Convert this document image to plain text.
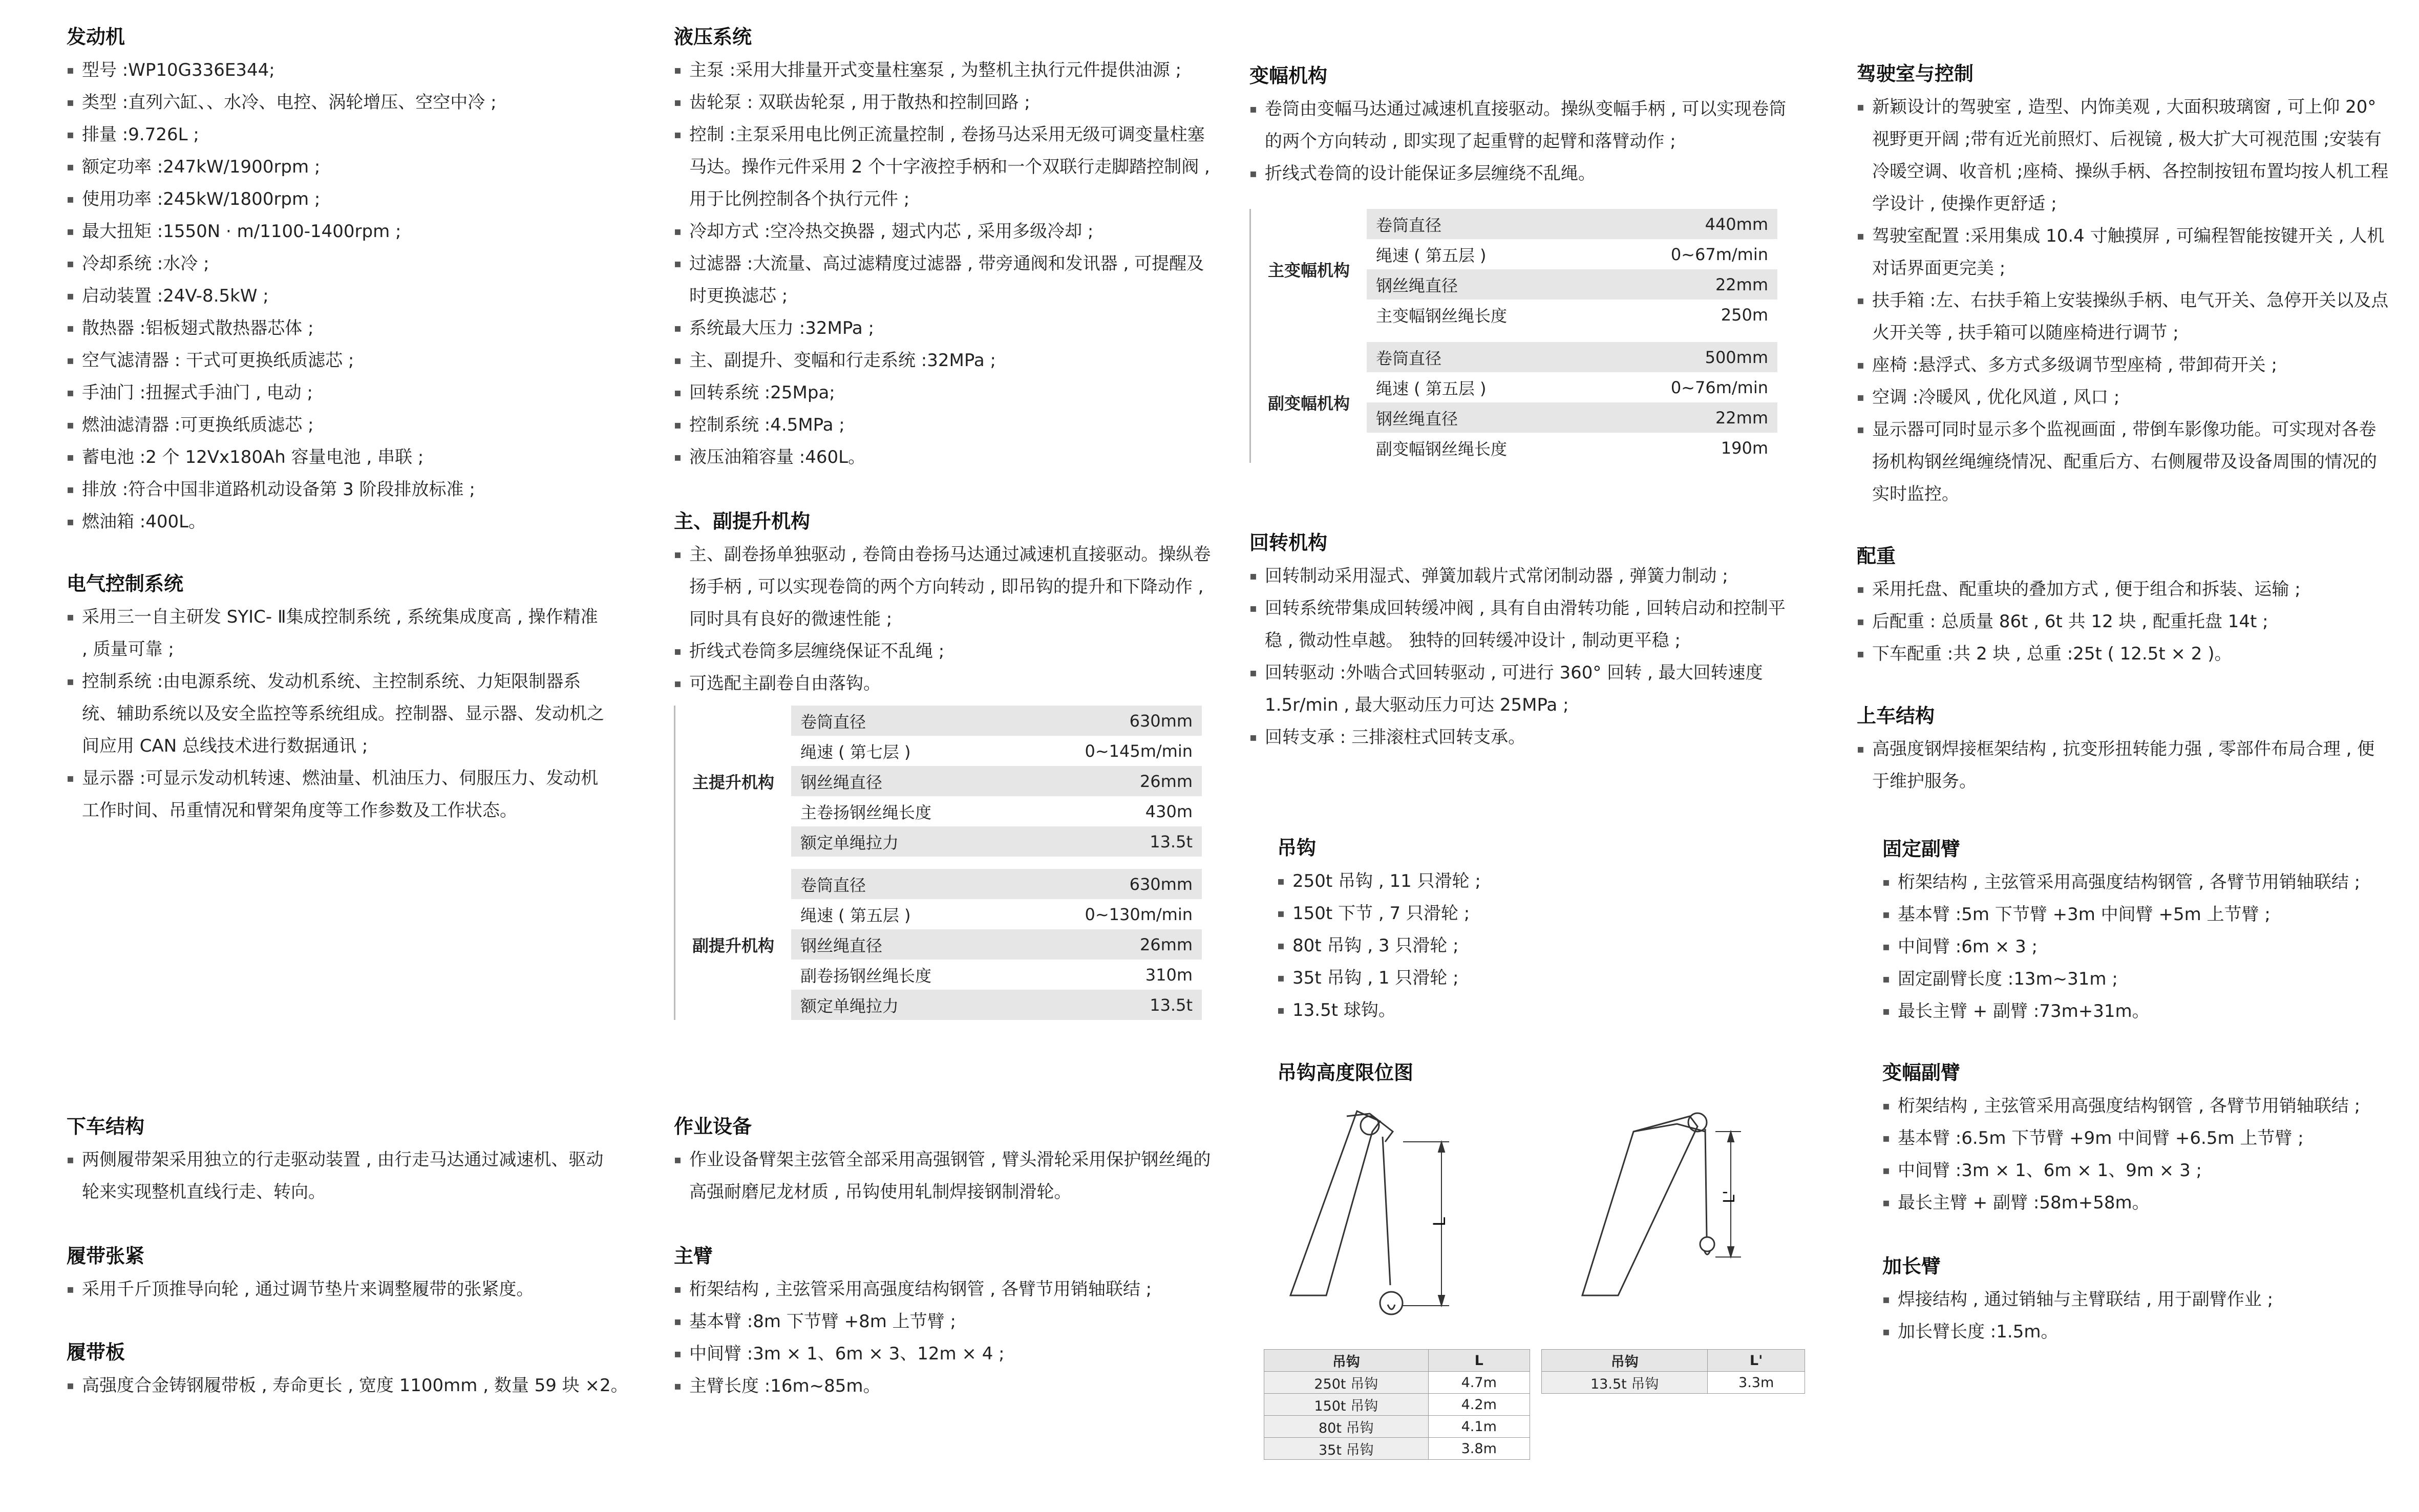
发动机
▪ 型号 :WP10G336E344;
▪ 类型 :直列六缸、、水冷、电控、涡轮增压、空空中冷 ;
▪ 排量 :9.726L ;
▪ 额定功率 :247kW/1900rpm ;
▪ 使用功率 :245kW/1800rpm ;
▪ 最大扭矩 :1550N · m/1100-1400rpm ;
▪ 冷却系统 :水冷 ;
▪ 启动装置 :24V-8.5kW ;
▪ 散热器 :铝板翅式散热器芯体 ;
▪ 空气滤清器 : 干式可更换纸质滤芯 ;
▪ 手油门 :扭握式手油门 , 电动 ;
▪ 燃油滤清器 :可更换纸质滤芯 ;
▪ 蓄电池 :2 个 12Vx180Ah 容量电池 , 串联 ;
▪ 排放 :符合中国非道路机动设备第 3 阶段排放标准 ;
▪ 燃油箱 :400L。
电气控制系统
▪ 采用三一自主研发 SYIC- Ⅱ集成控制系统 , 系统集成度高 , 操作精准 , 质量可靠 ;
▪ 控制系统 :由电源系统、发动机系统、主控制系统、力矩限制器系统、辅助系统以及安全监控等系统组成。控制器、显示器、发动机之间应用 CAN 总线技术进行数据通讯 ;
▪ 显示器 :可显示发动机转速、燃油量、机油压力、伺服压力、发动机工作时间、吊重情况和臂架角度等工作参数及工作状态。
下车结构
▪ 两侧履带架采用独立的行走驱动装置 , 由行走马达通过减速机、驱动轮来实现整机直线行走、转向。
履带张紧
▪ 采用千斤顶推导向轮 , 通过调节垫片来调整履带的张紧度。
履带板
▪ 高强度合金铸钢履带板 , 寿命更长 , 宽度 1100mm , 数量 59 块 ×2。
液压系统
▪ 主泵 :采用大排量开式变量柱塞泵 , 为整机主执行元件提供油源 ;
▪ 齿轮泵 : 双联齿轮泵 , 用于散热和控制回路 ;
▪ 控制 :主泵采用电比例正流量控制 , 卷扬马达采用无级可调变量柱塞马达。操作元件采用 2 个十字液控手柄和一个双联行走脚踏控制阀 , 用于比例控制各个执行元件 ;
▪ 冷却方式 :空冷热交换器 , 翅式内芯 , 采用多级冷却 ;
▪ 过滤器 :大流量、高过滤精度过滤器 , 带旁通阀和发讯器 , 可提醒及时更换滤芯 ;
▪ 系统最大压力 :32MPa ;
▪ 主、副提升、变幅和行走系统 :32MPa ;
▪ 回转系统 :25Mpa;
▪ 控制系统 :4.5MPa ;
▪ 液压油箱容量 :460L。
主、副提升机构
▪ 主、副卷扬单独驱动 , 卷筒由卷扬马达通过减速机直接驱动。操纵卷扬手柄 , 可以实现卷筒的两个方向转动 , 即吊钩的提升和下降动作 , 同时具有良好的微速性能 ;
▪ 折线式卷筒多层缠绕保证不乱绳 ;
▪ 可选配主副卷自由落钩。
主提升机构	卷筒直径	630mm
	绳速 ( 第七层 )	0~145m/min
	钢丝绳直径	26mm
	主卷扬钢丝绳长度	430m
	额定单绳拉力	13.5t
副提升机构	卷筒直径	630mm
	绳速 ( 第五层 )	0~130m/min
	钢丝绳直径	26mm
	副卷扬钢丝绳长度	310m
	额定单绳拉力	13.5t
作业设备
▪ 作业设备臂架主弦管全部采用高强钢管 , 臂头滑轮采用保护钢丝绳的高强耐磨尼龙材质 , 吊钩使用轧制焊接钢制滑轮。
主臂
▪ 桁架结构 , 主弦管采用高强度结构钢管 , 各臂节用销轴联结 ;
▪ 基本臂 :8m 下节臂 +8m 上节臂 ;
▪ 中间臂 :3m × 1、6m × 3、12m × 4 ;
▪ 主臂长度 :16m~85m。
变幅机构
▪ 卷筒由变幅马达通过减速机直接驱动。操纵变幅手柄 , 可以实现卷筒的两个方向转动 , 即实现了起重臂的起臂和落臂动作 ;
▪ 折线式卷筒的设计能保证多层缠绕不乱绳。
主变幅机构	卷筒直径	440mm
	绳速 ( 第五层 )	0~67m/min
	钢丝绳直径	22mm
	主变幅钢丝绳长度	250m
副变幅机构	卷筒直径	500mm
	绳速 ( 第五层 )	0~76m/min
	钢丝绳直径	22mm
	副变幅钢丝绳长度	190m
回转机构
▪ 回转制动采用湿式、弹簧加载片式常闭制动器 , 弹簧力制动 ;
▪ 回转系统带集成回转缓冲阀 , 具有自由滑转功能 , 回转启动和控制平稳 , 微动性卓越。 独特的回转缓冲设计 , 制动更平稳 ;
▪ 回转驱动 :外啮合式回转驱动 , 可进行 360° 回转 , 最大回转速度 1.5r/min , 最大驱动压力可达 25MPa ;
▪ 回转支承 : 三排滚柱式回转支承。
吊钩
▪ 250t 吊钩 , 11 只滑轮 ;
▪ 150t 下节 , 7 只滑轮 ;
▪ 80t 吊钩 , 3 只滑轮 ;
▪ 35t 吊钩 , 1 只滑轮 ;
▪ 13.5t 球钩。
吊钩高度限位图
L
L'
吊钩	L
250t 吊钩	4.7m
150t 吊钩	4.2m
80t 吊钩	4.1m
35t 吊钩	3.8m
吊钩	L'
13.5t 吊钩	3.3m
驾驶室与控制
▪ 新颖设计的驾驶室 , 造型、内饰美观 , 大面积玻璃窗 , 可上仰 20° 视野更开阔 ;带有近光前照灯、后视镜 , 极大扩大可视范围 ;安装有冷暖空调、收音机 ;座椅、操纵手柄、各控制按钮布置均按人机工程学设计 , 使操作更舒适 ;
▪ 驾驶室配置 :采用集成 10.4 寸触摸屏 , 可编程智能按键开关 , 人机对话界面更完美 ;
▪ 扶手箱 :左、右扶手箱上安装操纵手柄、电气开关、急停开关以及点火开关等 , 扶手箱可以随座椅进行调节 ;
▪ 座椅 :悬浮式、多方式多级调节型座椅 , 带卸荷开关 ;
▪ 空调 :冷暖风 , 优化风道 , 风口 ;
▪ 显示器可同时显示多个监视画面 , 带倒车影像功能。可实现对各卷扬机构钢丝绳缠绕情况、配重后方、右侧履带及设备周围的情况的实时监控。
配重
▪ 采用托盘、配重块的叠加方式 , 便于组合和拆装、运输 ;
▪ 后配重 : 总质量 86t , 6t 共 12 块 , 配重托盘 14t ;
▪ 下车配重 :共 2 块 , 总重 :25t ( 12.5t × 2 )。
上车结构
▪ 高强度钢焊接框架结构 , 抗变形扭转能力强 , 零部件布局合理 , 便于维护服务。
固定副臂
▪ 桁架结构 , 主弦管采用高强度结构钢管 , 各臂节用销轴联结 ;
▪ 基本臂 :5m 下节臂 +3m 中间臂 +5m 上节臂 ;
▪ 中间臂 :6m × 3 ;
▪ 固定副臂长度 :13m~31m ;
▪ 最长主臂 + 副臂 :73m+31m。
变幅副臂
▪ 桁架结构 , 主弦管采用高强度结构钢管 , 各臂节用销轴联结 ;
▪ 基本臂 :6.5m 下节臂 +9m 中间臂 +6.5m 上节臂 ;
▪ 中间臂 :3m × 1、6m × 1、9m × 3 ;
▪ 最长主臂 + 副臂 :58m+58m。
加长臂
▪ 焊接结构 , 通过销轴与主臂联结 , 用于副臂作业 ;
▪ 加长臂长度 :1.5m。
